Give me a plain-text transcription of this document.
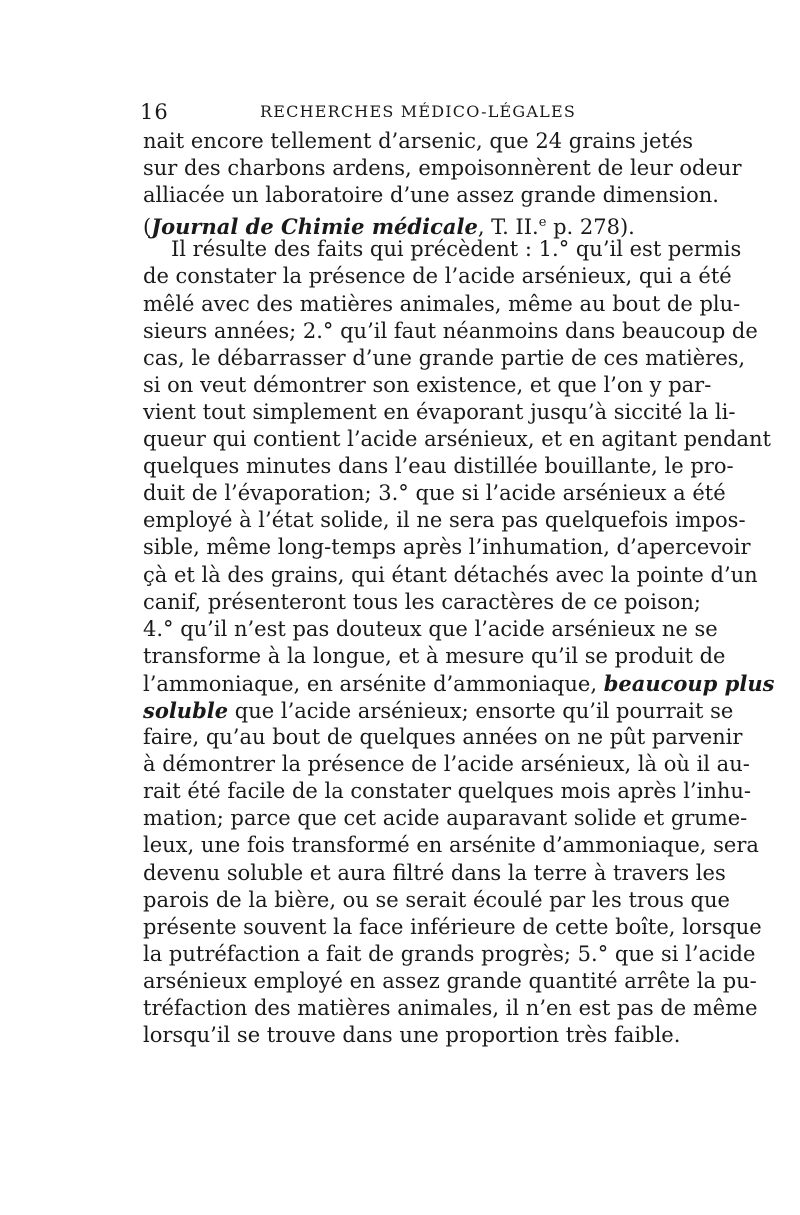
16	RECHERCHES MÉDICO-LÉGALES
nait encore tellement d’arsenic, que 24 grains jetés
sur des charbons ardens, empoisonnèrent de leur odeur
alliacée un laboratoire d’une assez grande dimension.
(Journal de Chimie médicale, T. II.$^e$ p. 278).
Il résulte des faits qui précèdent : 1.° qu’il est permis
de constater la présence de l’acide arsénieux, qui a été
mêlé avec des matières animales, même au bout de plu-
sieurs années; 2.° qu’il faut néanmoins dans beaucoup de
cas, le débarrasser d’une grande partie de ces matières,
si on veut démontrer son existence, et que l’on y par-
vient tout simplement en évaporant jusqu’à siccité la li-
queur qui contient l’acide arsénieux, et en agitant pendant
quelques minutes dans l’eau distillée bouillante, le pro-
duit de l’évaporation; 3.° que si l’acide arsénieux a été
employé à l’état solide, il ne sera pas quelquefois impos-
sible, même long-temps après l’inhumation, d’apercevoir
çà et là des grains, qui étant détachés avec la pointe d’un
canif, présenteront tous les caractères de ce poison;
4.° qu’il n’est pas douteux que l’acide arsénieux ne se
transforme à la longue, et à mesure qu’il se produit de
l’ammoniaque, en arsénite d’ammoniaque, beaucoup plus
soluble que l’acide arsénieux; ensorte qu’il pourrait se
faire, qu’au bout de quelques années on ne pût parvenir
à démontrer la présence de l’acide arsénieux, là où il au-
rait été facile de la constater quelques mois après l’inhu-
mation; parce que cet acide auparavant solide et grume-
leux, une fois transformé en arsénite d’ammoniaque, sera
devenu soluble et aura filtré dans la terre à travers les
parois de la bière, ou se serait écoulé par les trous que
présente souvent la face inférieure de cette boîte, lorsque
la putréfaction a fait de grands progrès; 5.° que si l’acide
arsénieux employé en assez grande quantité arrête la pu-
tréfaction des matières animales, il n’en est pas de même
lorsqu’il se trouve dans une proportion très faible.
